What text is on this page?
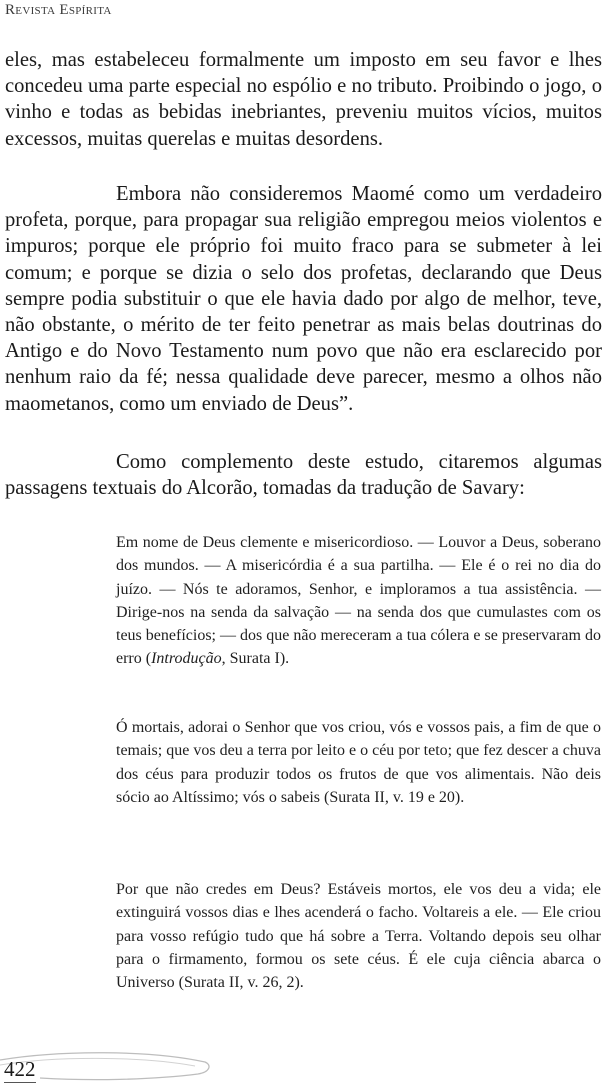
Revista Espírita

eles, mas estabeleceu formalmente um imposto em seu favor e lhes concedeu uma parte especial no espólio e no tributo. Proibindo o jogo, o vinho e todas as bebidas inebriantes, preveniu muitos vícios, muitos excessos, muitas querelas e muitas desordens.

Embora não consideremos Maomé como um verdadeiro profeta, porque, para propagar sua religião empregou meios violentos e impuros; porque ele próprio foi muito fraco para se submeter à lei comum; e porque se dizia o selo dos profetas, declarando que Deus sempre podia substituir o que ele havia dado por algo de melhor, teve, não obstante, o mérito de ter feito penetrar as mais belas doutrinas do Antigo e do Novo Testamento num povo que não era esclarecido por nenhum raio da fé; nessa qualidade deve parecer, mesmo a olhos não maometanos, como um enviado de Deus”.

Como complemento deste estudo, citaremos algumas passagens textuais do Alcorão, tomadas da tradução de Savary:

Em nome de Deus clemente e misericordioso. — Louvor a Deus, soberano dos mundos. — A misericórdia é a sua partilha. — Ele é o rei no dia do juízo. — Nós te adoramos, Senhor, e imploramos a tua assistência. — Dirige-nos na senda da salvação — na senda dos que cumulastes com os teus benefícios; — dos que não mereceram a tua cólera e se preservaram do erro (Introdução, Surata I).

Ó mortais, adorai o Senhor que vos criou, vós e vossos pais, a fim de que o temais; que vos deu a terra por leito e o céu por teto; que fez descer a chuva dos céus para produzir todos os frutos de que vos alimentais. Não deis sócio ao Altíssimo; vós o sabeis (Surata II, v. 19 e 20).

Por que não credes em Deus? Estáveis mortos, ele vos deu a vida; ele extinguirá vossos dias e lhes acenderá o facho. Voltareis a ele. — Ele criou para vosso refúgio tudo que há sobre a Terra. Voltando depois seu olhar para o firmamento, formou os sete céus. É ele cuja ciência abarca o Universo (Surata II, v. 26, 2).

422
